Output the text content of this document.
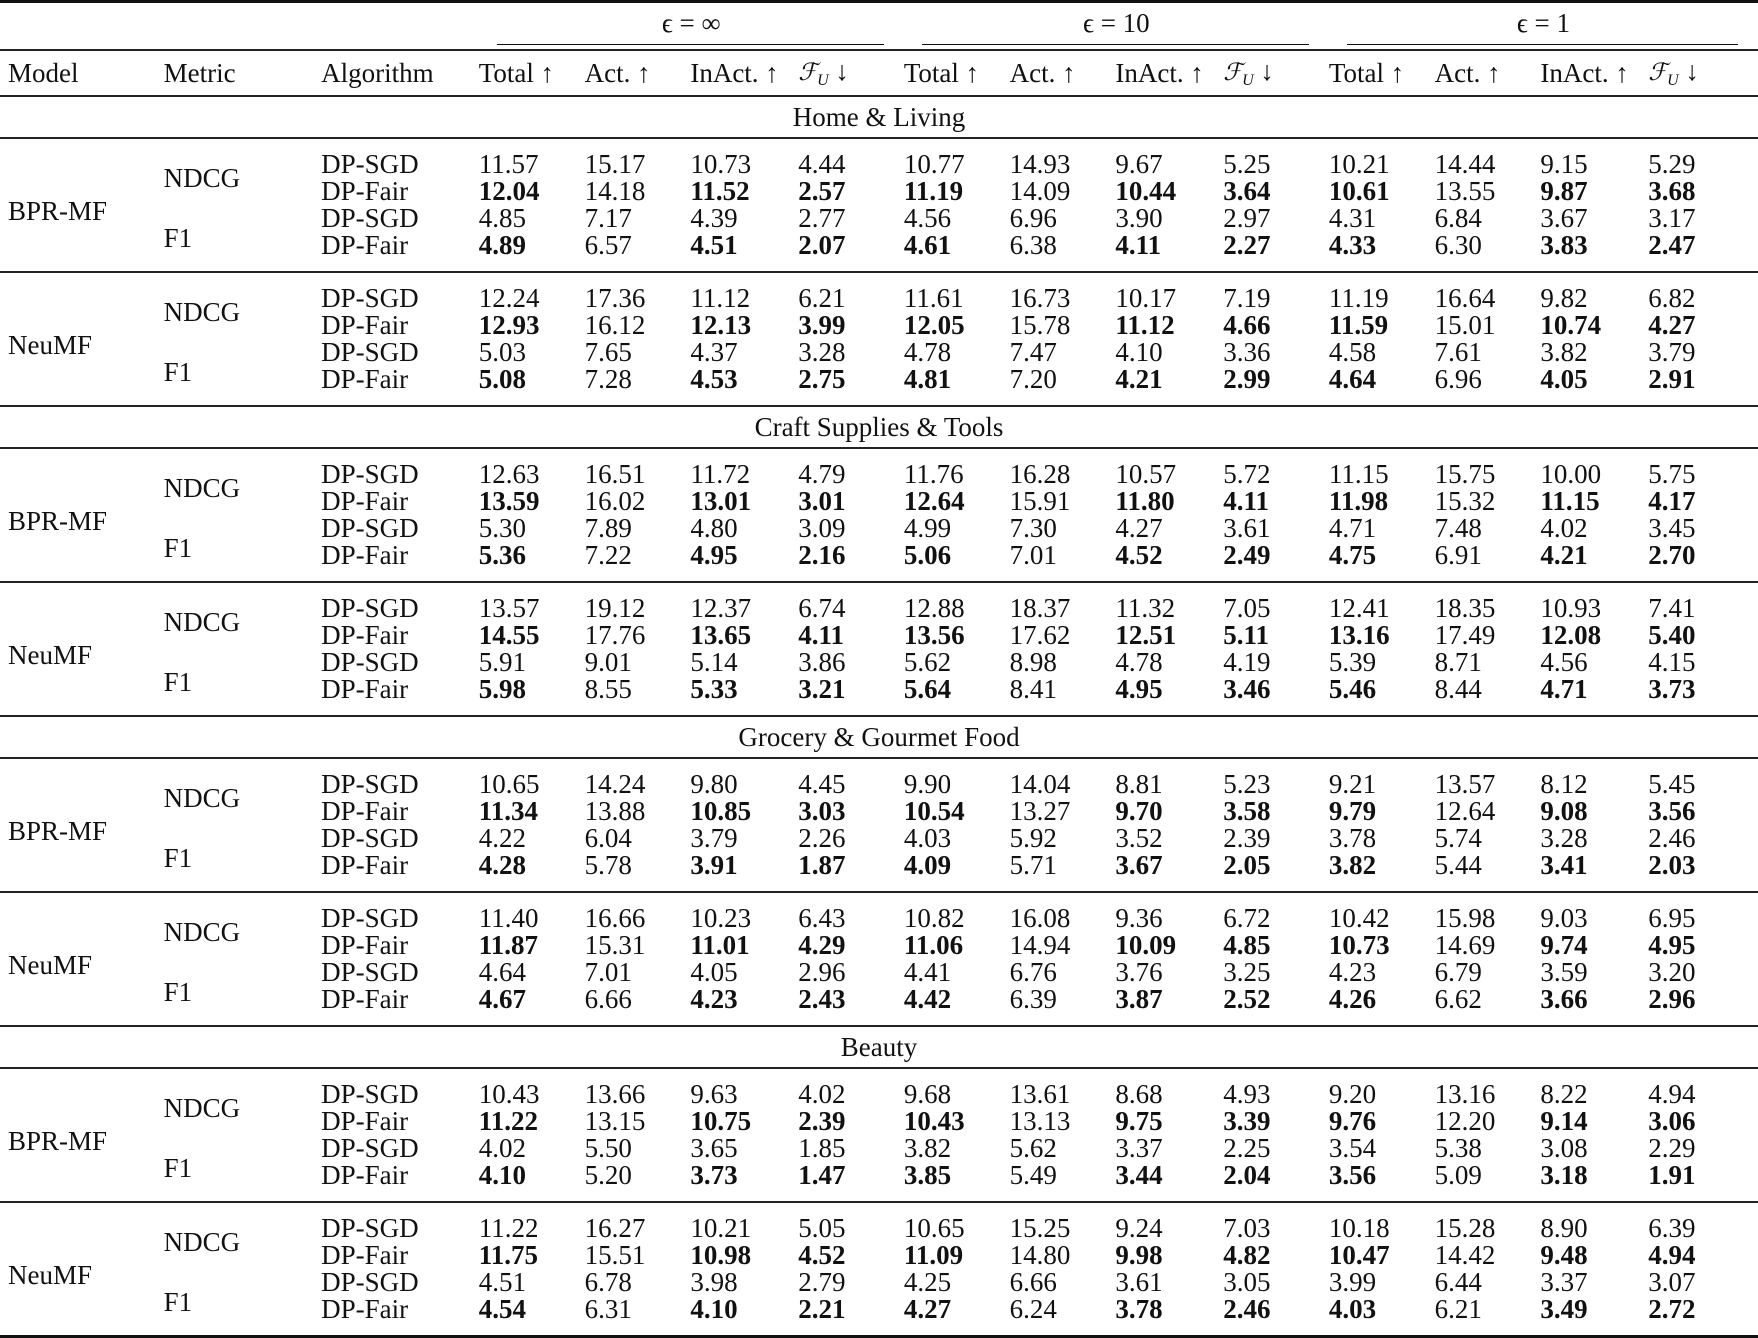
			ϵ = ∞				ϵ = 10				ϵ = 1			

Model	Metric	Algorithm	Total ↑	Act. ↑	InAct. ↑	ℱ$_U$ ↓	Total ↑	Act. ↑	InAct. ↑	ℱ$_U$ ↓	Total ↑	Act. ↑	InAct. ↑	ℱ$_U$ ↓
Home & Living														
BPR-MF	NDCG	DP-SGD	11.57	15.17	10.73	4.44	10.77	14.93	9.67	5.25	10.21	14.44	9.15	5.29
		DP-Fair	12.04	14.18	11.52	2.57	11.19	14.09	10.44	3.64	10.61	13.55	9.87	3.68
	F1	DP-SGD	4.85	7.17	4.39	2.77	4.56	6.96	3.90	2.97	4.31	6.84	3.67	3.17
		DP-Fair	4.89	6.57	4.51	2.07	4.61	6.38	4.11	2.27	4.33	6.30	3.83	2.47
NeuMF	NDCG	DP-SGD	12.24	17.36	11.12	6.21	11.61	16.73	10.17	7.19	11.19	16.64	9.82	6.82
		DP-Fair	12.93	16.12	12.13	3.99	12.05	15.78	11.12	4.66	11.59	15.01	10.74	4.27
	F1	DP-SGD	5.03	7.65	4.37	3.28	4.78	7.47	4.10	3.36	4.58	7.61	3.82	3.79
		DP-Fair	5.08	7.28	4.53	2.75	4.81	7.20	4.21	2.99	4.64	6.96	4.05	2.91
Craft Supplies & Tools														
BPR-MF	NDCG	DP-SGD	12.63	16.51	11.72	4.79	11.76	16.28	10.57	5.72	11.15	15.75	10.00	5.75
		DP-Fair	13.59	16.02	13.01	3.01	12.64	15.91	11.80	4.11	11.98	15.32	11.15	4.17
	F1	DP-SGD	5.30	7.89	4.80	3.09	4.99	7.30	4.27	3.61	4.71	7.48	4.02	3.45
		DP-Fair	5.36	7.22	4.95	2.16	5.06	7.01	4.52	2.49	4.75	6.91	4.21	2.70
NeuMF	NDCG	DP-SGD	13.57	19.12	12.37	6.74	12.88	18.37	11.32	7.05	12.41	18.35	10.93	7.41
		DP-Fair	14.55	17.76	13.65	4.11	13.56	17.62	12.51	5.11	13.16	17.49	12.08	5.40
	F1	DP-SGD	5.91	9.01	5.14	3.86	5.62	8.98	4.78	4.19	5.39	8.71	4.56	4.15
		DP-Fair	5.98	8.55	5.33	3.21	5.64	8.41	4.95	3.46	5.46	8.44	4.71	3.73
Grocery & Gourmet Food														
BPR-MF	NDCG	DP-SGD	10.65	14.24	9.80	4.45	9.90	14.04	8.81	5.23	9.21	13.57	8.12	5.45
		DP-Fair	11.34	13.88	10.85	3.03	10.54	13.27	9.70	3.58	9.79	12.64	9.08	3.56
	F1	DP-SGD	4.22	6.04	3.79	2.26	4.03	5.92	3.52	2.39	3.78	5.74	3.28	2.46
		DP-Fair	4.28	5.78	3.91	1.87	4.09	5.71	3.67	2.05	3.82	5.44	3.41	2.03
NeuMF	NDCG	DP-SGD	11.40	16.66	10.23	6.43	10.82	16.08	9.36	6.72	10.42	15.98	9.03	6.95
		DP-Fair	11.87	15.31	11.01	4.29	11.06	14.94	10.09	4.85	10.73	14.69	9.74	4.95
	F1	DP-SGD	4.64	7.01	4.05	2.96	4.41	6.76	3.76	3.25	4.23	6.79	3.59	3.20
		DP-Fair	4.67	6.66	4.23	2.43	4.42	6.39	3.87	2.52	4.26	6.62	3.66	2.96
Beauty														
BPR-MF	NDCG	DP-SGD	10.43	13.66	9.63	4.02	9.68	13.61	8.68	4.93	9.20	13.16	8.22	4.94
		DP-Fair	11.22	13.15	10.75	2.39	10.43	13.13	9.75	3.39	9.76	12.20	9.14	3.06
	F1	DP-SGD	4.02	5.50	3.65	1.85	3.82	5.62	3.37	2.25	3.54	5.38	3.08	2.29
		DP-Fair	4.10	5.20	3.73	1.47	3.85	5.49	3.44	2.04	3.56	5.09	3.18	1.91
NeuMF	NDCG	DP-SGD	11.22	16.27	10.21	5.05	10.65	15.25	9.24	7.03	10.18	15.28	8.90	6.39
		DP-Fair	11.75	15.51	10.98	4.52	11.09	14.80	9.98	4.82	10.47	14.42	9.48	4.94
	F1	DP-SGD	4.51	6.78	3.98	2.79	4.25	6.66	3.61	3.05	3.99	6.44	3.37	3.07
		DP-Fair	4.54	6.31	4.10	2.21	4.27	6.24	3.78	2.46	4.03	6.21	3.49	2.72
